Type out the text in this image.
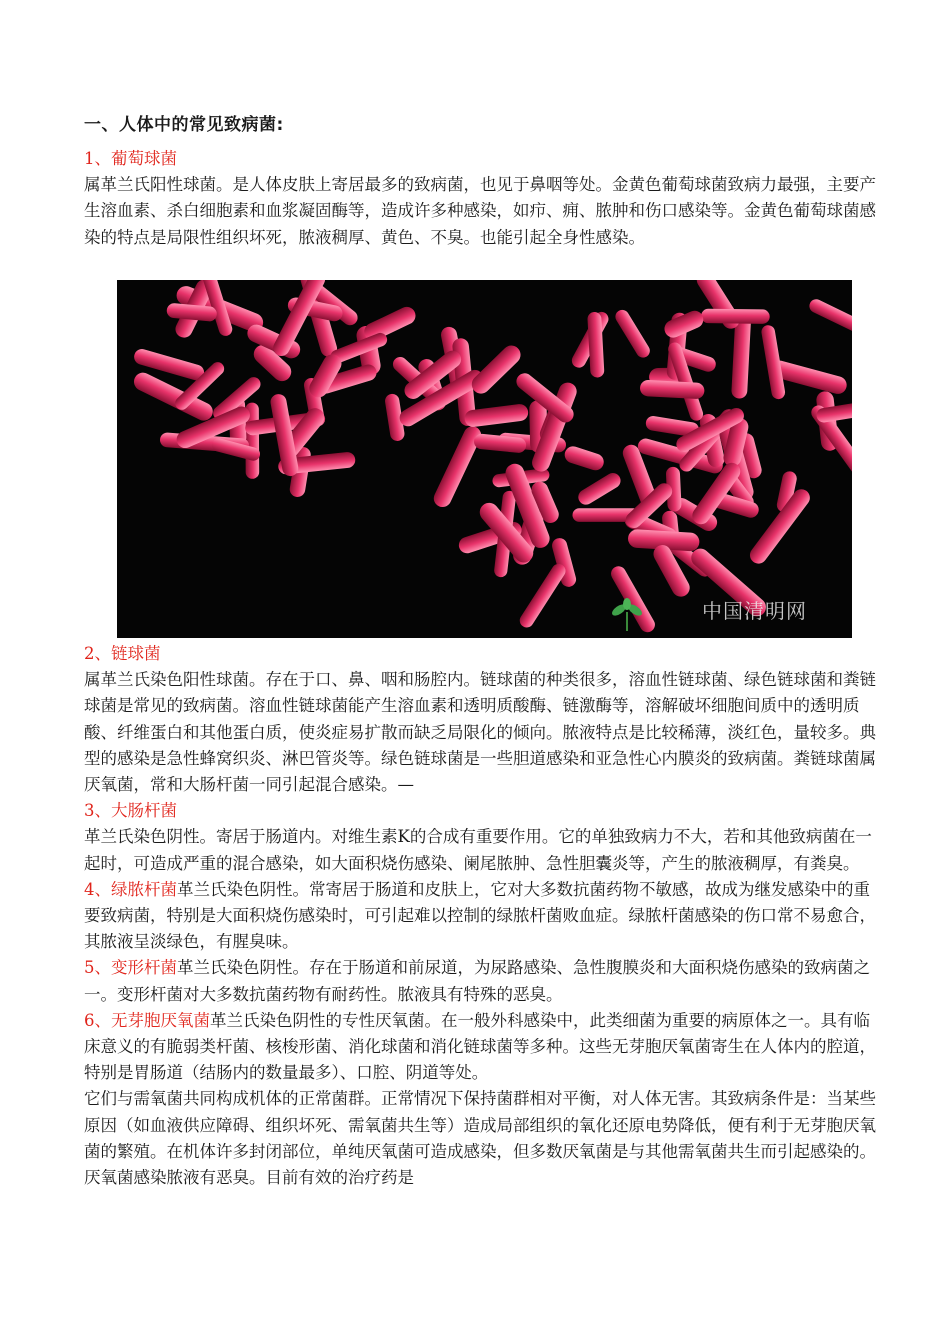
一、人体中的常见致病菌:

1、葡萄球菌
属革兰氏阳性球菌。是人体皮肤上寄居最多的致病菌，也见于鼻咽等处。金黄色葡萄球菌致病力最强，主要产生溶血素、杀白细胞素和血浆凝固酶等，造成许多种感染，如疖、痈、脓肿和伤口感染等。金黄色葡萄球菌感染的特点是局限性组织坏死，脓液稠厚、黄色、不臭。也能引起全身性感染。

中国清明网

2、链球菌
属革兰氏染色阳性球菌。存在于口、鼻、咽和肠腔内。链球菌的种类很多，溶血性链球菌、绿色链球菌和粪链球菌是常见的致病菌。溶血性链球菌能产生溶血素和透明质酸酶、链激酶等，溶解破坏细胞间质中的透明质酸、纤维蛋白和其他蛋白质，使炎症易扩散而缺乏局限化的倾向。脓液特点是比较稀薄，淡红色，量较多。典型的感染是急性蜂窝织炎、淋巴管炎等。绿色链球菌是一些胆道感染和亚急性心内膜炎的致病菌。粪链球菌属厌氧菌，常和大肠杆菌一同引起混合感染。—
3、大肠杆菌
革兰氏染色阴性。寄居于肠道内。对维生素K的合成有重要作用。它的单独致病力不大，若和其他致病菌在一起时，可造成严重的混合感染，如大面积烧伤感染、阑尾脓肿、急性胆囊炎等，产生的脓液稠厚，有粪臭。
4、绿脓杆菌革兰氏染色阴性。常寄居于肠道和皮肤上，它对大多数抗菌药物不敏感，故成为继发感染中的重要致病菌，特别是大面积烧伤感染时，可引起难以控制的绿脓杆菌败血症。绿脓杆菌感染的伤口常不易愈合，其脓液呈淡绿色，有腥臭味。
5、变形杆菌革兰氏染色阴性。存在于肠道和前尿道，为尿路感染、急性腹膜炎和大面积烧伤感染的致病菌之一。变形杆菌对大多数抗菌药物有耐药性。脓液具有特殊的恶臭。
6、无芽胞厌氧菌革兰氏染色阴性的专性厌氧菌。在一般外科感染中，此类细菌为重要的病原体之一。具有临床意义的有脆弱类杆菌、核梭形菌、消化球菌和消化链球菌等多种。这些无芽胞厌氧菌寄生在人体内的腔道，特别是胃肠道（结肠内的数量最多）、口腔、阴道等处。
它们与需氧菌共同构成机体的正常菌群。正常情况下保持菌群相对平衡，对人体无害。其致病条件是：当某些原因（如血液供应障碍、组织坏死、需氧菌共生等）造成局部组织的氧化还原电势降低，便有利于无芽胞厌氧菌的繁殖。在机体许多封闭部位，单纯厌氧菌可造成感染，但多数厌氧菌是与其他需氧菌共生而引起感染的。厌氧菌感染脓液有恶臭。目前有效的治疗药是
